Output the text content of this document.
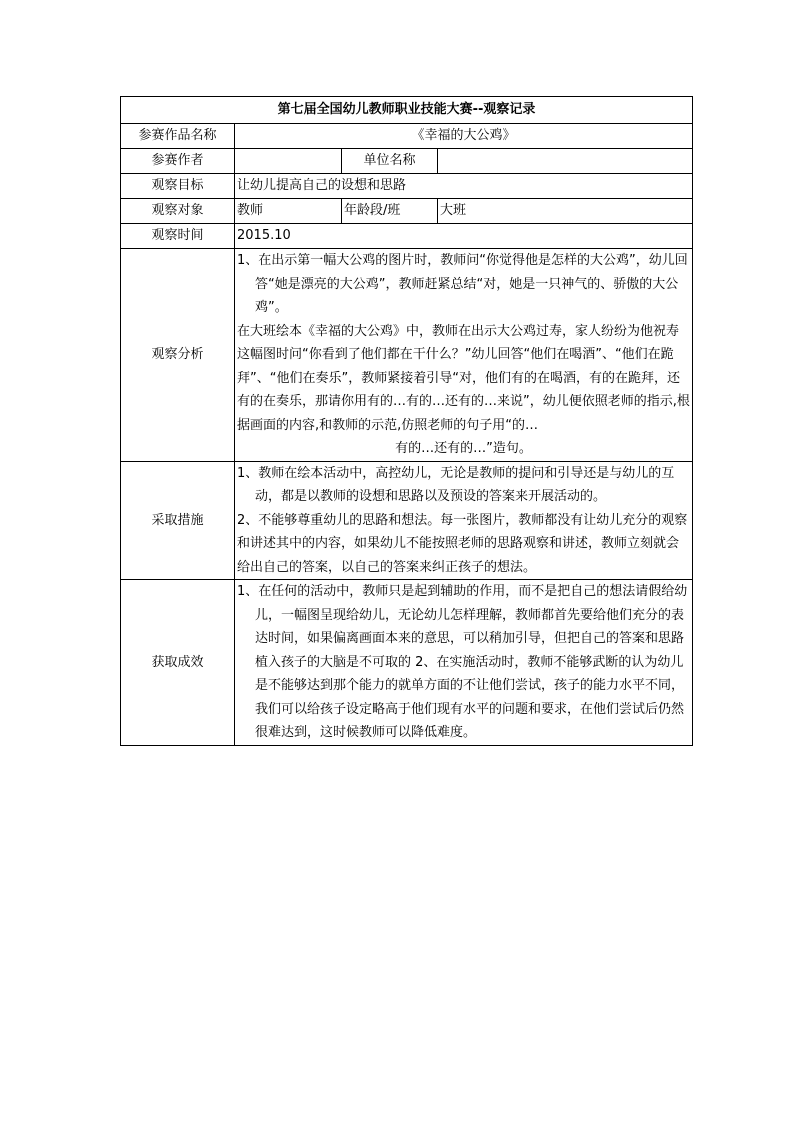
第七届全国幼儿教师职业技能大赛--观察记录			
参赛作品名称	《幸福的大公鸡》		
参赛作者		单位名称	
观察目标	让幼儿提高自己的设想和思路		
观察对象	教师	年龄段/班	大班
观察时间	2015.10		
观察分析	1、在出示第一幅大公鸡的图片时，教师问“你觉得他是怎样的大公鸡”，幼儿回答“她是漂亮的大公鸡”，教师赶紧总结“对，她是一只神气的、骄傲的大公鸡”。

在大班绘本《幸福的大公鸡》中，教师在出示大公鸡过寿，家人纷纷为他祝寿这幅图时问“你看到了他们都在干什么？”幼儿回答“他们在喝酒”、“他们在跪拜”、“他们在奏乐”，教师紧接着引导“对，他们有的在喝酒，有的在跪拜，还有的在奏乐，那请你用有的…有的…还有的…来说”，幼儿便依照老师的指示,根据画面的内容,和教师的示范,仿照老师的句子用“的…

有的…还有的…”造句。		

采取措施	1、教师在绘本活动中，高控幼儿，无论是教师的提问和引导还是与幼儿的互动，都是以教师的设想和思路以及预设的答案来开展活动的。

2、不能够尊重幼儿的思路和想法。每一张图片，教师都没有让幼儿充分的观察和讲述其中的内容，如果幼儿不能按照老师的思路观察和讲述，教师立刻就会给出自己的答案，以自己的答案来纠正孩子的想法。		

获取成效	1、在任何的活动中，教师只是起到辅助的作用，而不是把自己的想法请假给幼儿，一幅图呈现给幼儿，无论幼儿怎样理解，教师都首先要给他们充分的表达时间，如果偏离画面本来的意思，可以稍加引导，但把自己的答案和思路植入孩子的大脑是不可取的 2、在实施活动时，教师不能够武断的认为幼儿是不能够达到那个能力的就单方面的不让他们尝试，孩子的能力水平不同，我们可以给孩子设定略高于他们现有水平的问题和要求，在他们尝试后仍然很难达到，这时候教师可以降低难度。		
